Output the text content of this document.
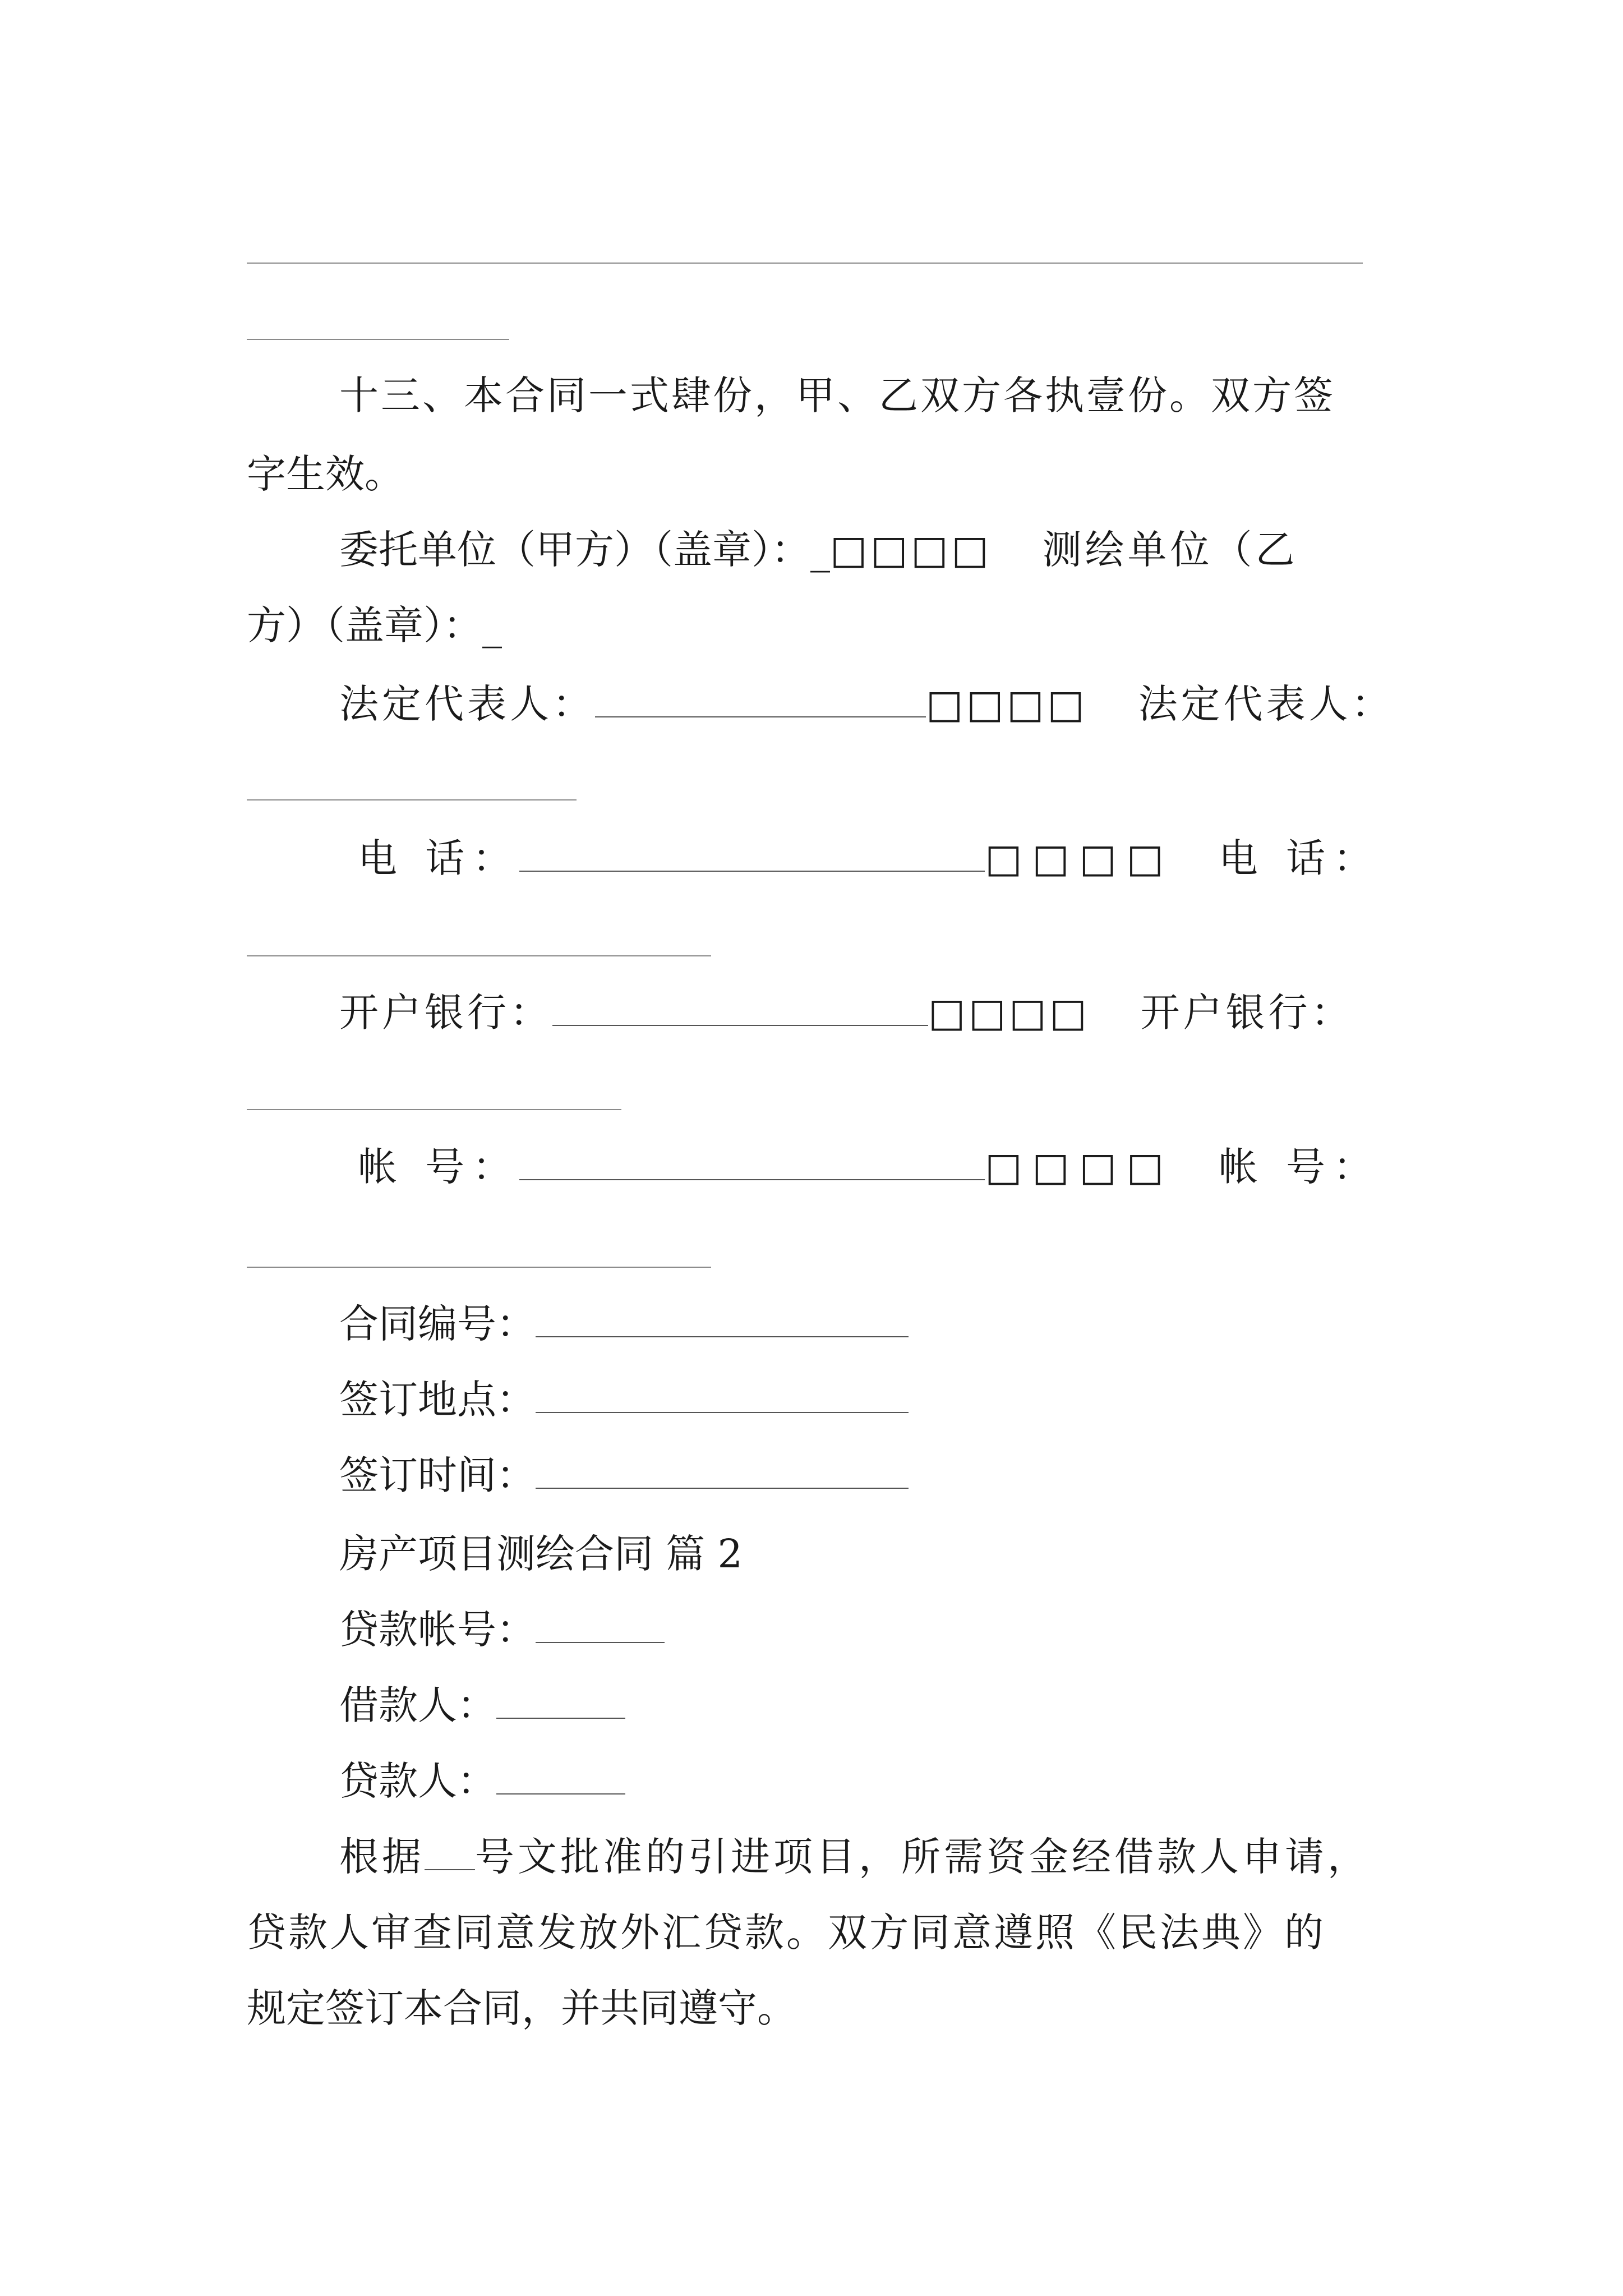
十三、本合同一式肆份，甲、乙双方各执壹份。双方签
字生效。
委托单位（甲方）（盖章）：_□□□□ 测绘单位（乙
方）（盖章）：_
法定代表人：	□□□□ 法定代表人：
电 话：	□□□□ 电 话：
开户银行：	□□□□ 开户银行：
帐 号：	□□□□ 帐 号：
合同编号：
签订地点：
签订时间：
房产项目测绘合同 篇 2
贷款帐号：
借款人：
贷款人：
根据 号文批准的引进项目，所需资金经借款人申请，
贷款人审查同意发放外汇贷款。双方同意遵照《民法典》的
规定签订本合同，并共同遵守。
